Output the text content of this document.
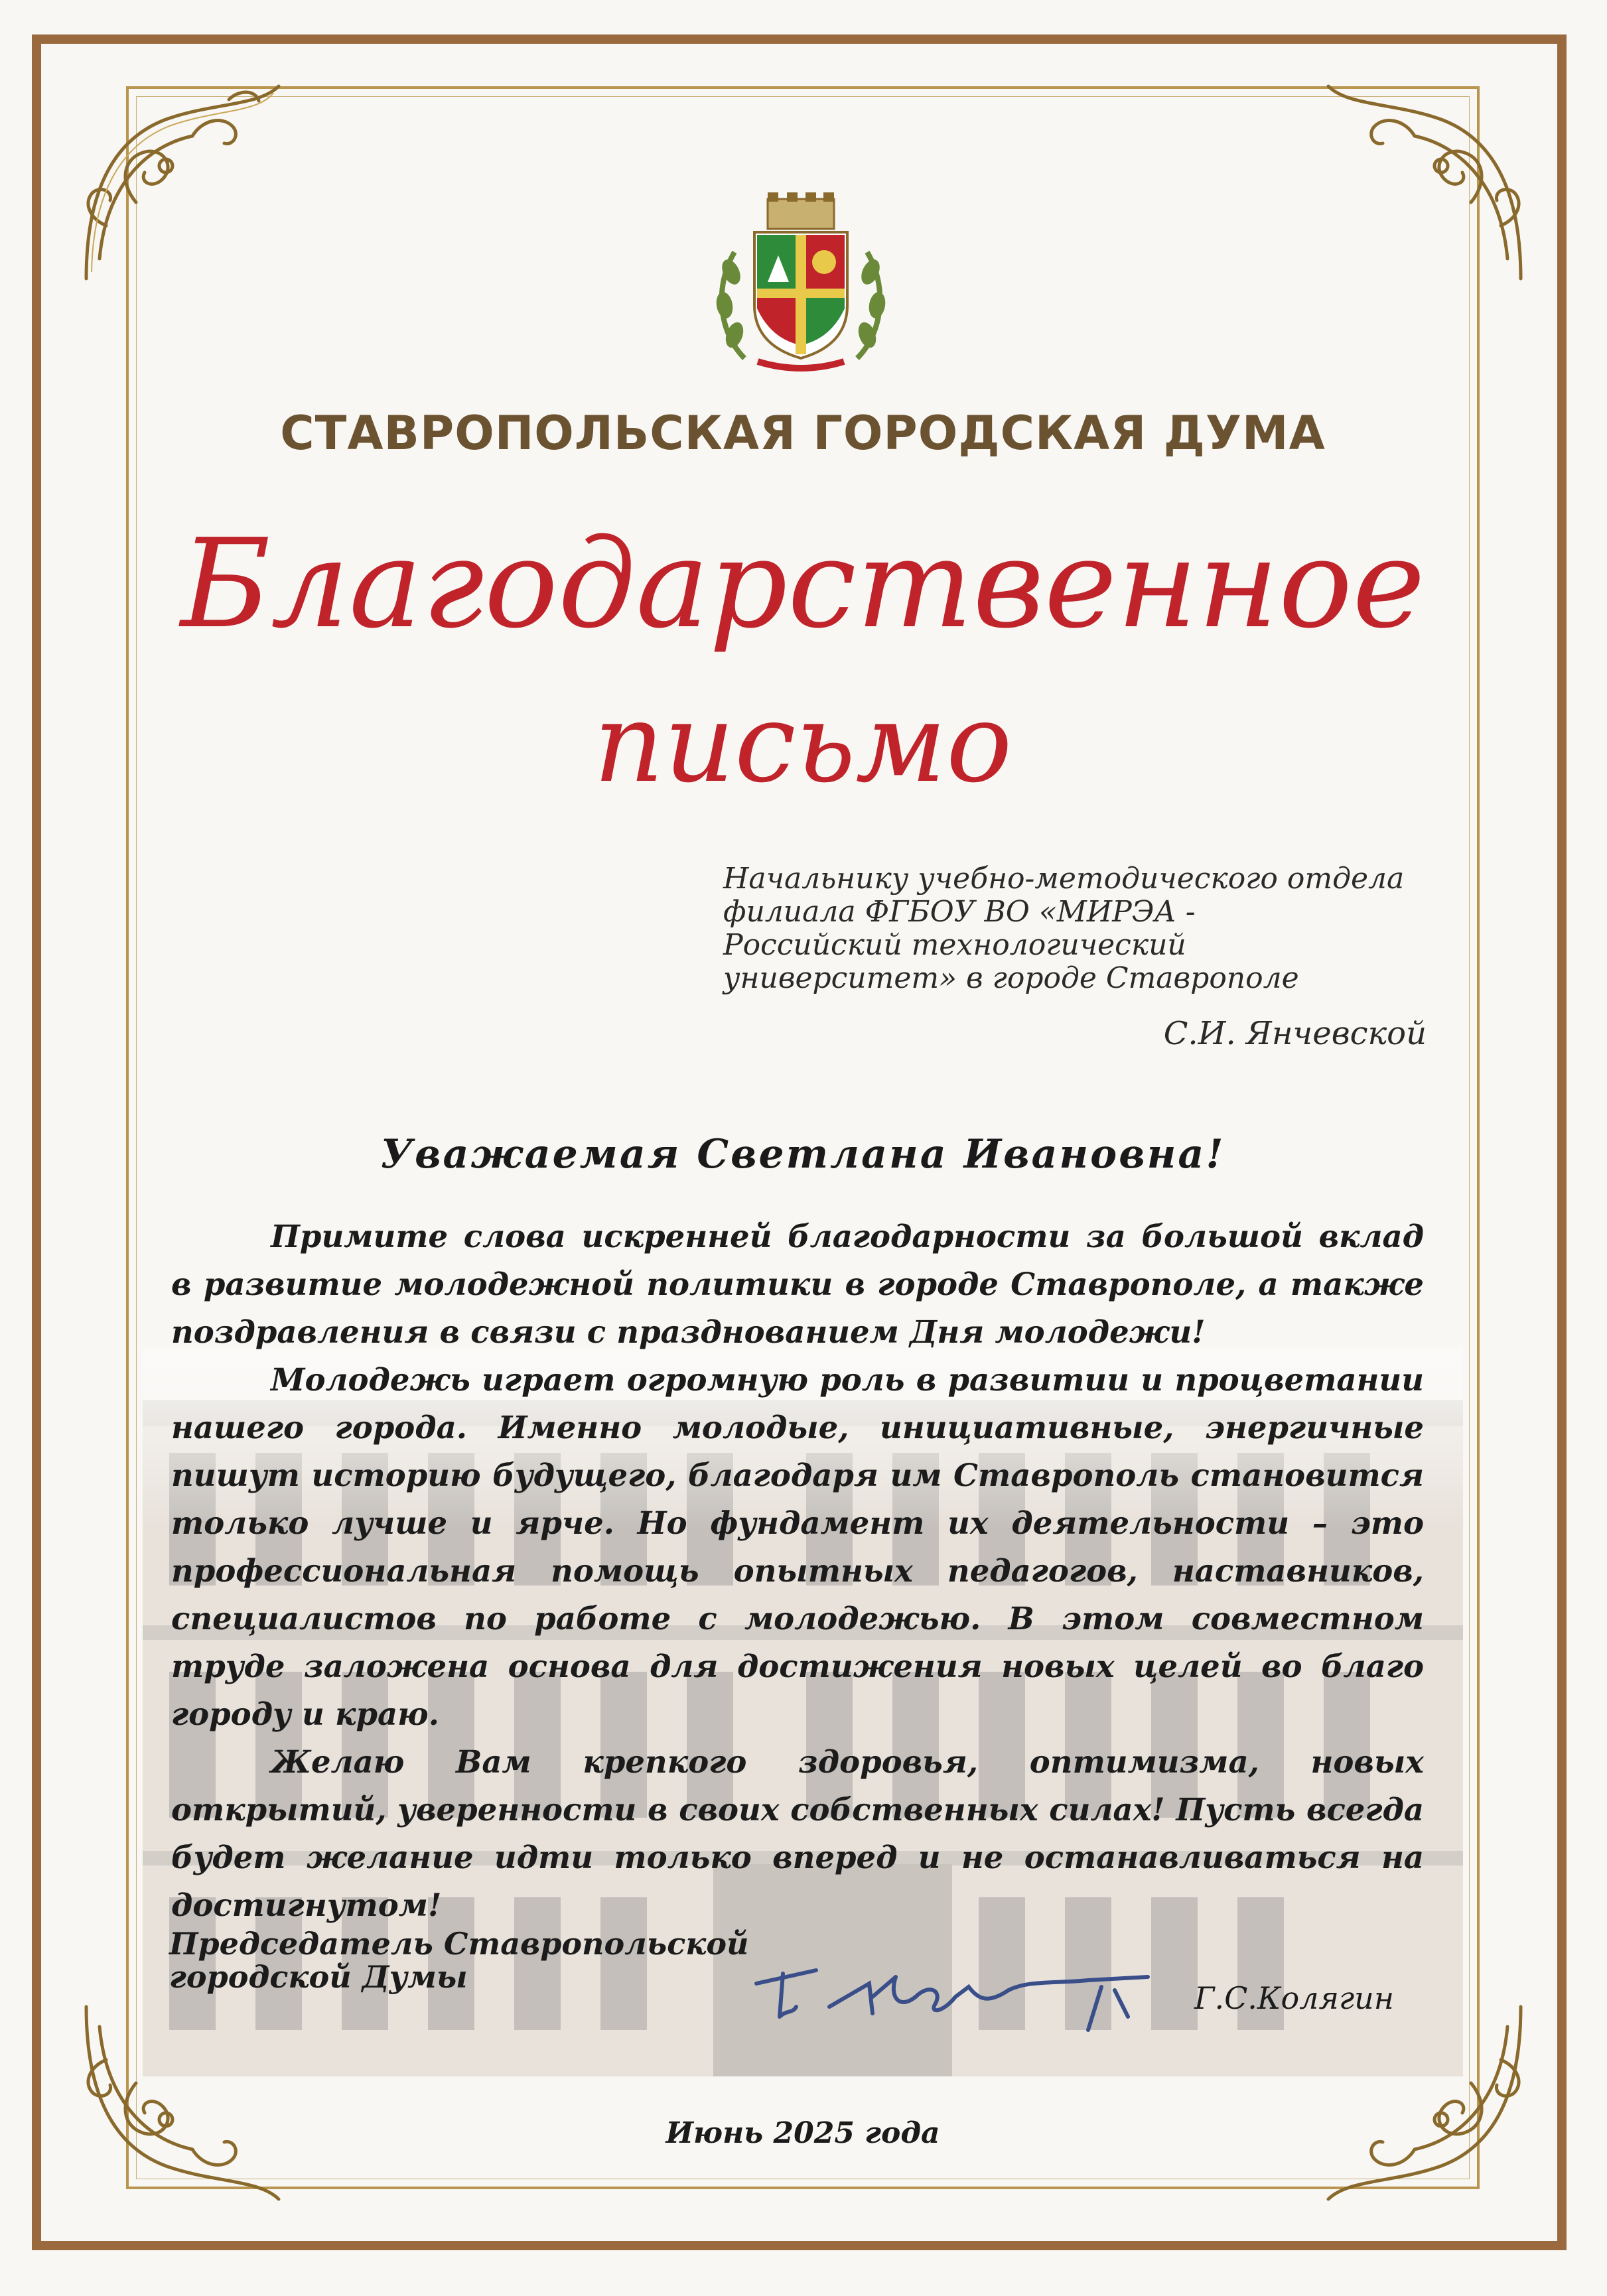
СТАВРОПОЛЬСКАЯ ГОРОДСКАЯ ДУМА
Благодарственное
письмо
Начальнику учебно-методического отдела
филиала ФГБОУ ВО «МИРЭА -
Российский технологический
университет» в городе Ставрополе
С.И. Янчевской
Уважаемая Светлана Ивановна!

Примите слова искренней благодарности за большой вклад в развитие молодежной политики в городе Ставрополе, а также поздравления в связи с празднованием Дня молодежи!

Молодежь играет огромную роль в развитии и процветании нашего города. Именно молодые, инициативные, энергичные пишут историю будущего, благодаря им Ставрополь становится только лучше и ярче. Но фундамент их деятельности – это профессиональная помощь опытных педагогов, наставников, специалистов по работе с молодежью. В этом совместном труде заложена основа для достижения новых целей во благо городу и краю.

Желаю Вам крепкого здоровья, оптимизма, новых открытий, уверенности в своих собственных силах! Пусть всегда будет желание идти только вперед и не останавливаться на достигнутом!

Председатель Ставропольской
городской Думы
Г.С.Колягин
Июнь 2025 года
